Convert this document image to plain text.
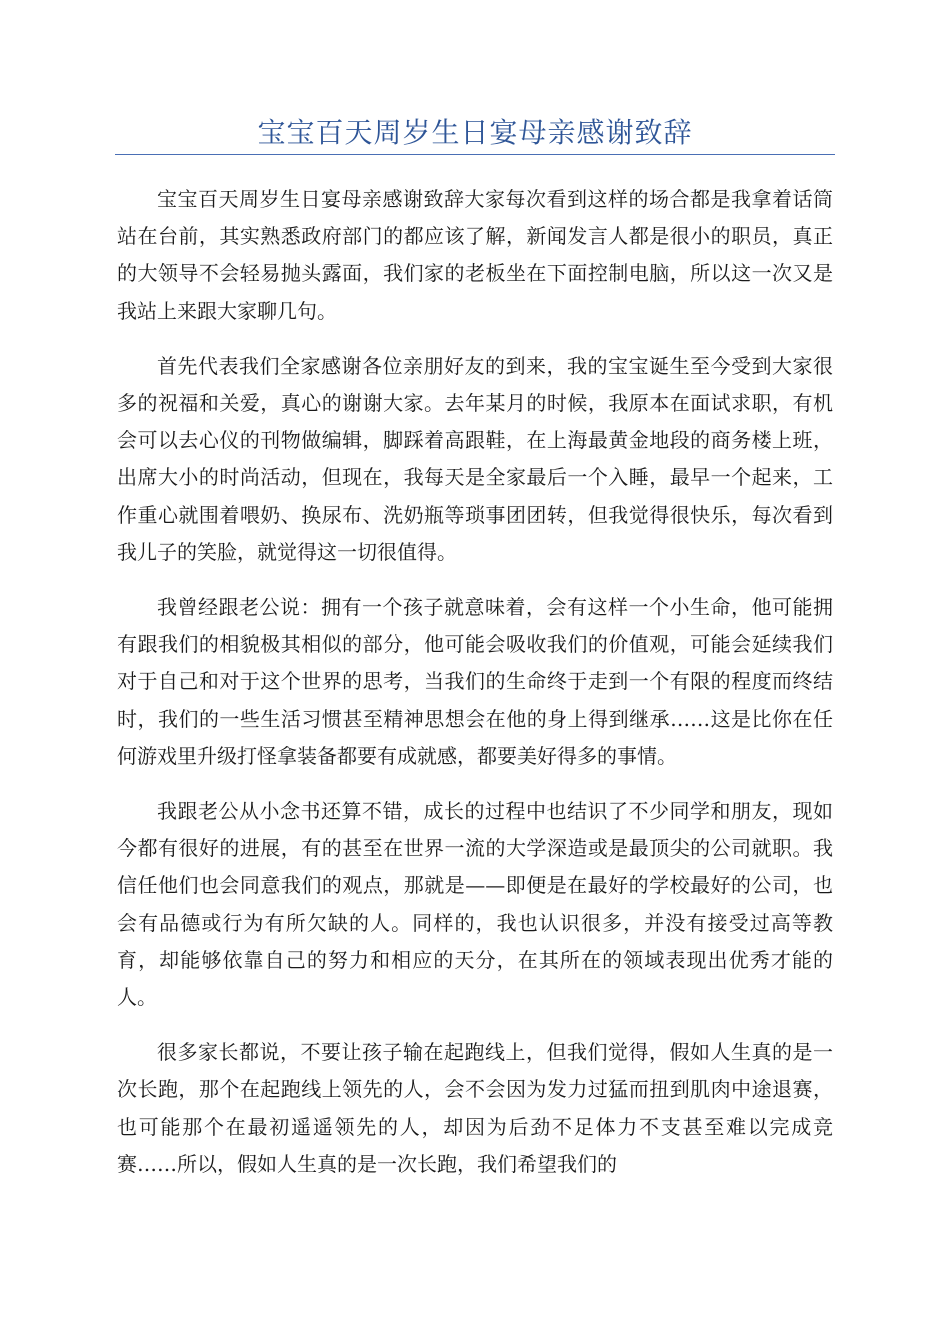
宝宝百天周岁生日宴母亲感谢致辞

宝宝百天周岁生日宴母亲感谢致辞大家每次看到这样的场合都是我拿着话筒站在台前，其实熟悉政府部门的都应该了解，新闻发言人都是很小的职员，真正的大领导不会轻易抛头露面，我们家的老板坐在下面控制电脑，所以这一次又是我站上来跟大家聊几句。

首先代表我们全家感谢各位亲朋好友的到来，我的宝宝诞生至今受到大家很多的祝福和关爱，真心的谢谢大家。去年某月的时候，我原本在面试求职，有机会可以去心仪的刊物做编辑，脚踩着高跟鞋，在上海最黄金地段的商务楼上班，出席大小的时尚活动，但现在，我每天是全家最后一个入睡，最早一个起来，工作重心就围着喂奶、换尿布、洗奶瓶等琐事团团转，但我觉得很快乐，每次看到我儿子的笑脸，就觉得这一切很值得。

我曾经跟老公说：拥有一个孩子就意味着，会有这样一个小生命，他可能拥有跟我们的相貌极其相似的部分，他可能会吸收我们的价值观，可能会延续我们对于自己和对于这个世界的思考，当我们的生命终于走到一个有限的程度而终结时，我们的一些生活习惯甚至精神思想会在他的身上得到继承……这是比你在任何游戏里升级打怪拿装备都要有成就感，都要美好得多的事情。

我跟老公从小念书还算不错，成长的过程中也结识了不少同学和朋友，现如今都有很好的进展，有的甚至在世界一流的大学深造或是最顶尖的公司就职。我信任他们也会同意我们的观点，那就是——即便是在最好的学校最好的公司，也会有品德或行为有所欠缺的人。同样的，我也认识很多，并没有接受过高等教育，却能够依靠自己的努力和相应的天分，在其所在的领域表现出优秀才能的人。

很多家长都说，不要让孩子输在起跑线上，但我们觉得，假如人生真的是一次长跑，那个在起跑线上领先的人，会不会因为发力过猛而扭到肌肉中途退赛，也可能那个在最初遥遥领先的人，却因为后劲不足体力不支甚至难以完成竞赛……所以，假如人生真的是一次长跑，我们希望我们的
